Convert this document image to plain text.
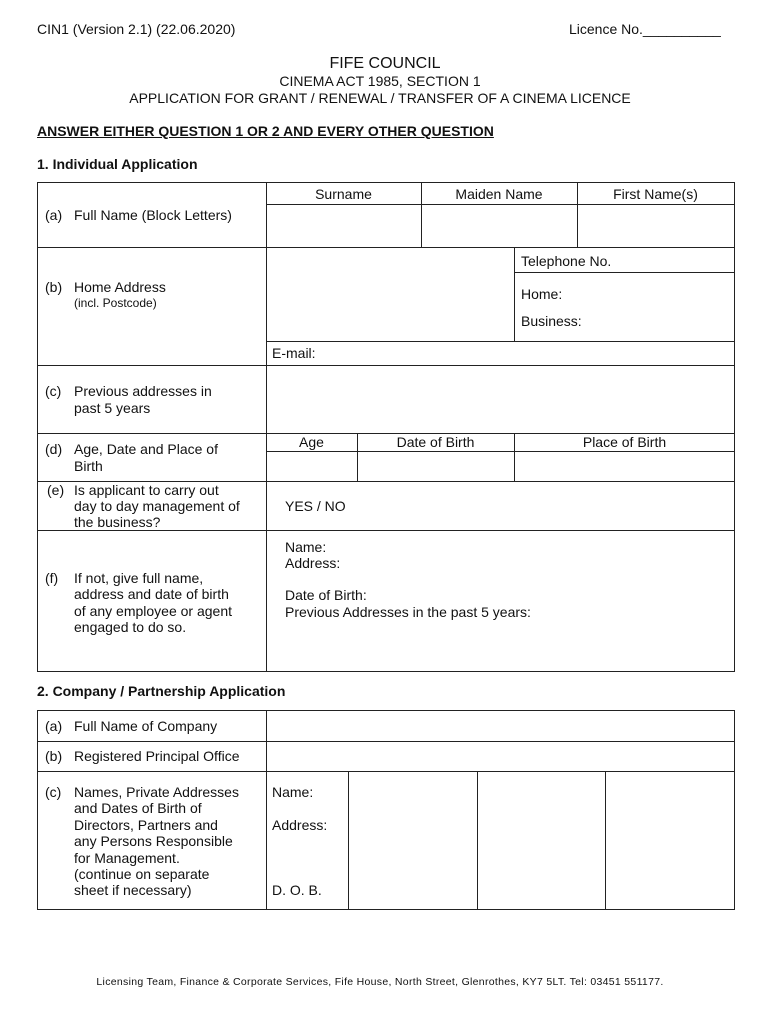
CIN1 (Version 2.1) (22.06.2020)	Licence No.__________
FIFE COUNCIL
CINEMA ACT 1985, SECTION 1
APPLICATION FOR GRANT / RENEWAL / TRANSFER OF A CINEMA LICENCE
ANSWER EITHER QUESTION 1 OR 2 AND EVERY OTHER QUESTION
1. Individual Application
(a) Full Name (Block Letters)
Surname	Maiden Name	First Name(s)
(b) Home Address
(incl. Postcode)
Telephone No.
Home:
Business:
E-mail:
(c) Previous addresses in
past 5 years
(d) Age, Date and Place of
Birth
Age	Date of Birth	Place of Birth
(e) Is applicant to carry out
day to day management of
the business?
YES / NO
(f) If not, give full name,
address and date of birth
of any employee or agent
engaged to do so.
Name:
Address:
Date of Birth:
Previous Addresses in the past 5 years:
2. Company / Partnership Application
(a) Full Name of Company
(b) Registered Principal Office
(c) Names, Private Addresses
and Dates of Birth of
Directors, Partners and
any Persons Responsible
for Management.
(continue on separate
sheet if necessary)
Name:
Address:
D. O. B.
Licensing Team, Finance & Corporate Services, Fife House, North Street, Glenrothes, KY7 5LT. Tel: 03451 551177.
